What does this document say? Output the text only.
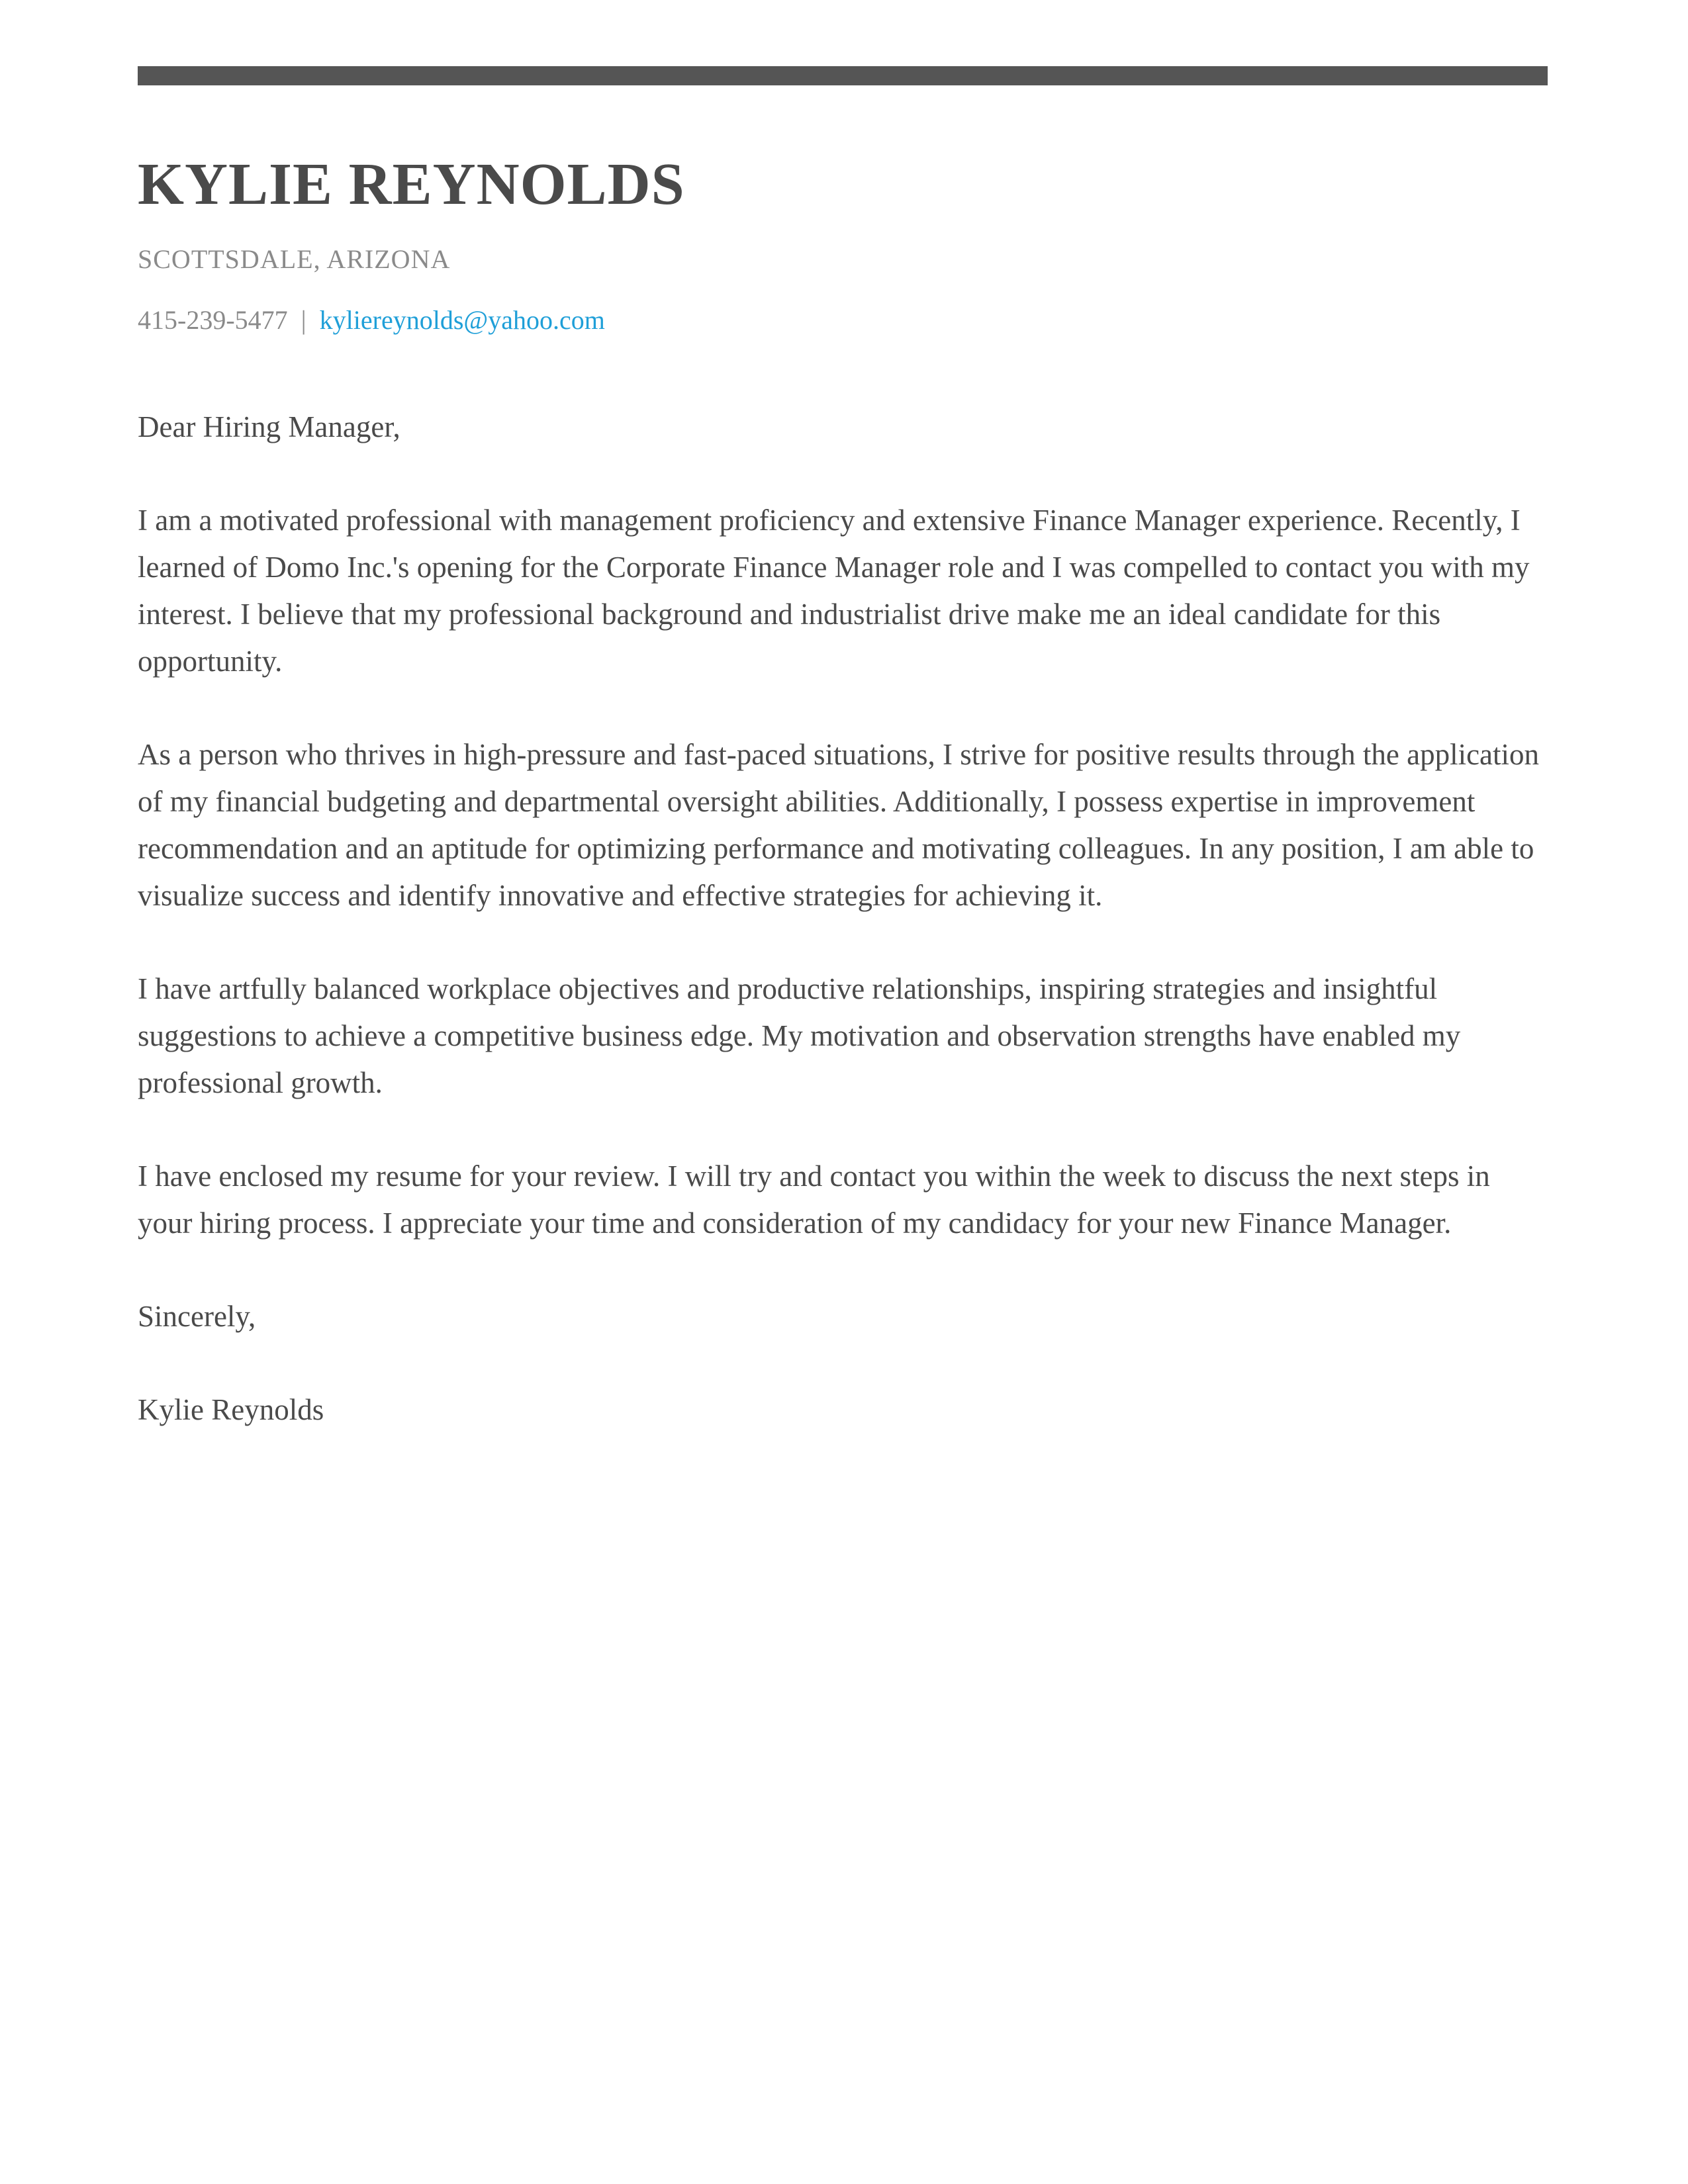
KYLIE REYNOLDS
SCOTTSDALE, ARIZONA
415-239-5477 | kyliereynolds@yahoo.com

Dear Hiring Manager,

I am a motivated professional with management proficiency and extensive Finance Manager experience. Recently, I learned of Domo Inc.'s opening for the Corporate Finance Manager role and I was compelled to contact you with my interest. I believe that my professional background and industrialist drive make me an ideal candidate for this opportunity.

As a person who thrives in high-pressure and fast-paced situations, I strive for positive results through the application of my financial budgeting and departmental oversight abilities. Additionally, I possess expertise in improvement recommendation and an aptitude for optimizing performance and motivating colleagues. In any position, I am able to visualize success and identify innovative and effective strategies for achieving it.

I have artfully balanced workplace objectives and productive relationships, inspiring strategies and insightful suggestions to achieve a competitive business edge. My motivation and observation strengths have enabled my professional growth.

I have enclosed my resume for your review. I will try and contact you within the week to discuss the next steps in your hiring process. I appreciate your time and consideration of my candidacy for your new Finance Manager.

Sincerely,

Kylie Reynolds
